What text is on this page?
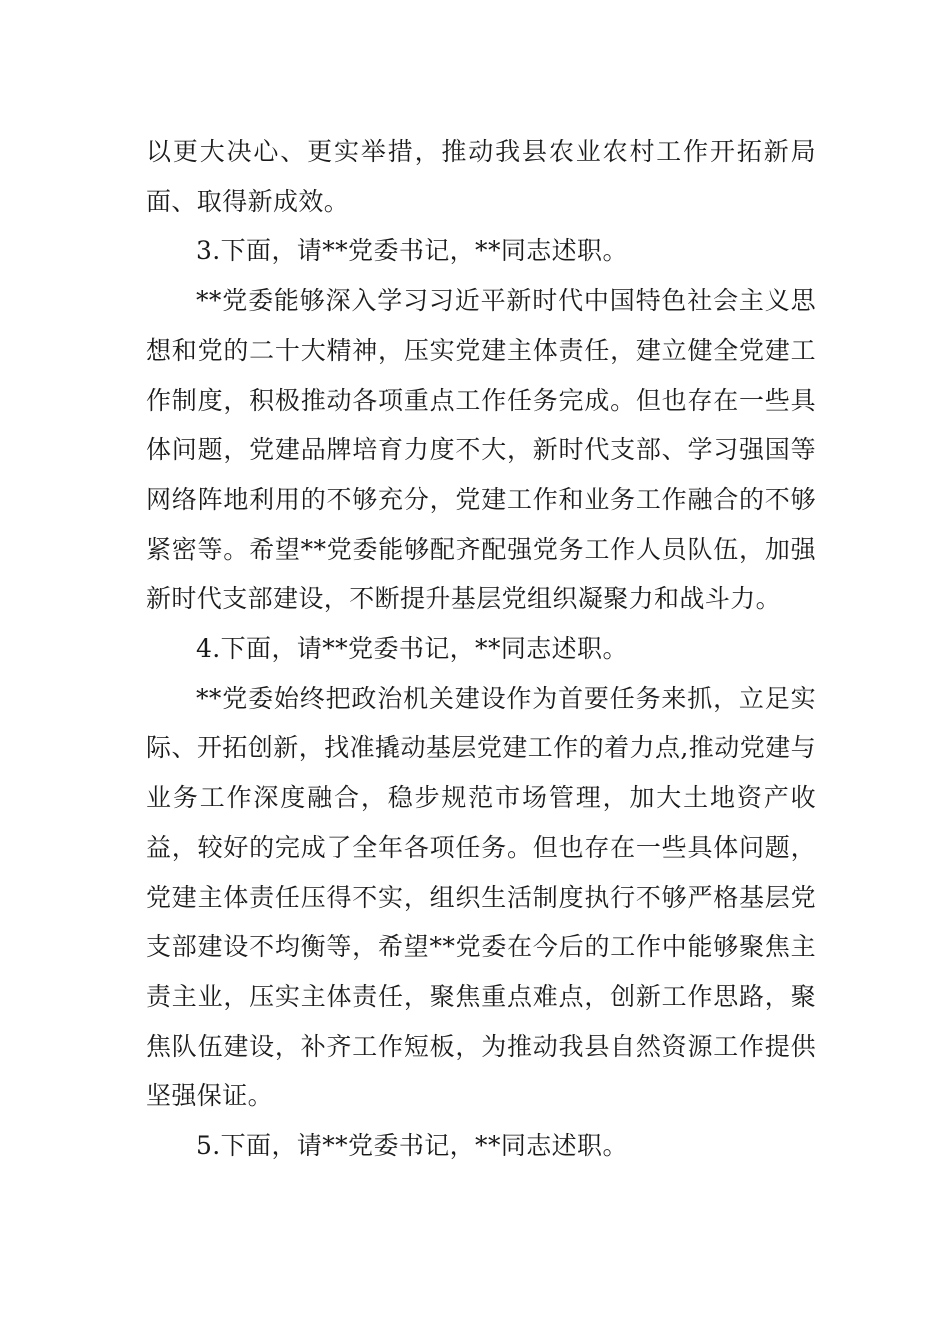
以更大决心、更实举措，推动我县农业农村工作开拓新局面、取得新成效。

3.下面，请**党委书记，**同志述职。

**党委能够深入学习习近平新时代中国特色社会主义思想和党的二十大精神，压实党建主体责任，建立健全党建工作制度，积极推动各项重点工作任务完成。但也存在一些具体问题，党建品牌培育力度不大，新时代支部、学习强国等网络阵地利用的不够充分，党建工作和业务工作融合的不够紧密等。希望**党委能够配齐配强党务工作人员队伍，加强新时代支部建设，不断提升基层党组织凝聚力和战斗力。

4.下面，请**党委书记，**同志述职。

**党委始终把政治机关建设作为首要任务来抓，立足实际、开拓创新，找准撬动基层党建工作的着力点,推动党建与业务工作深度融合，稳步规范市场管理，加大土地资产收益，较好的完成了全年各项任务。但也存在一些具体问题，党建主体责任压得不实，组织生活制度执行不够严格基层党支部建设不均衡等，希望**党委在今后的工作中能够聚焦主责主业，压实主体责任，聚焦重点难点，创新工作思路，聚焦队伍建设，补齐工作短板，为推动我县自然资源工作提供坚强保证。

5.下面，请**党委书记，**同志述职。
